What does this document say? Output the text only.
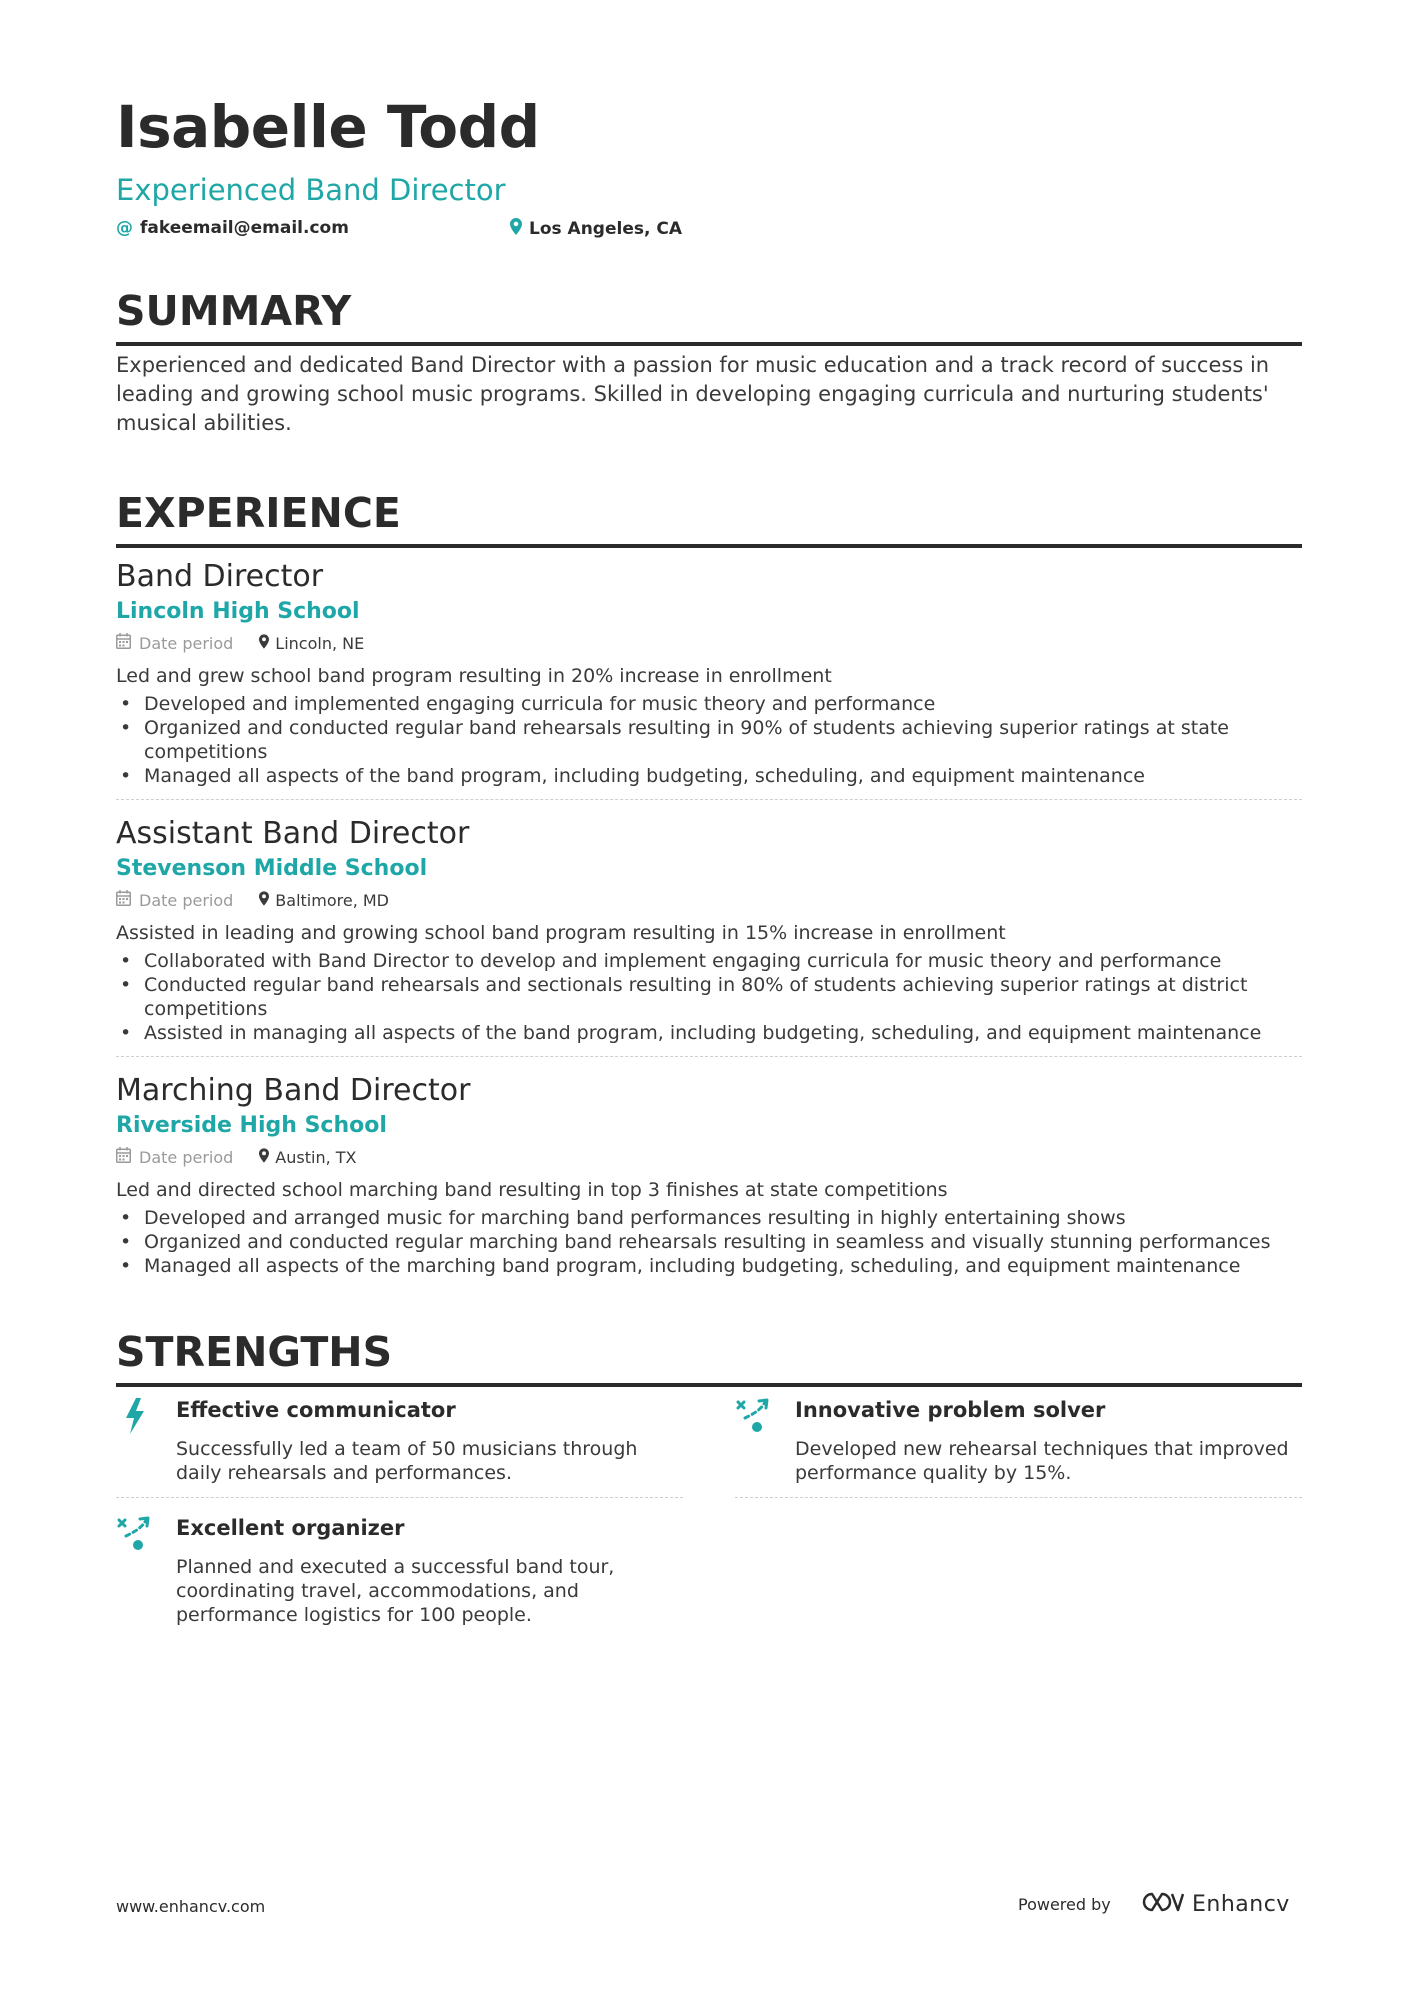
Isabelle Todd
Experienced Band Director
@ fakeemail@email.com	Los Angeles, CA
SUMMARY
Experienced and dedicated Band Director with a passion for music education and a track record of success in leading and growing school music programs. Skilled in developing engaging curricula and nurturing students' musical abilities.
EXPERIENCE
Band Director
Lincoln High School
Date period	Lincoln, NE
Led and grew school band program resulting in 20% increase in enrollment
• Developed and implemented engaging curricula for music theory and performance
• Organized and conducted regular band rehearsals resulting in 90% of students achieving superior ratings at state competitions
• Managed all aspects of the band program, including budgeting, scheduling, and equipment maintenance
Assistant Band Director
Stevenson Middle School
Date period	Baltimore, MD
Assisted in leading and growing school band program resulting in 15% increase in enrollment
• Collaborated with Band Director to develop and implement engaging curricula for music theory and performance
• Conducted regular band rehearsals and sectionals resulting in 80% of students achieving superior ratings at district competitions
• Assisted in managing all aspects of the band program, including budgeting, scheduling, and equipment maintenance
Marching Band Director
Riverside High School
Date period	Austin, TX
Led and directed school marching band resulting in top 3 finishes at state competitions
• Developed and arranged music for marching band performances resulting in highly entertaining shows
• Organized and conducted regular marching band rehearsals resulting in seamless and visually stunning performances
• Managed all aspects of the marching band program, including budgeting, scheduling, and equipment maintenance
STRENGTHS
Effective communicator
Successfully led a team of 50 musicians through daily rehearsals and performances.
Innovative problem solver
Developed new rehearsal techniques that improved performance quality by 15%.
Excellent organizer
Planned and executed a successful band tour, coordinating travel, accommodations, and performance logistics for 100 people.
www.enhancv.com	Powered by	Enhancv
